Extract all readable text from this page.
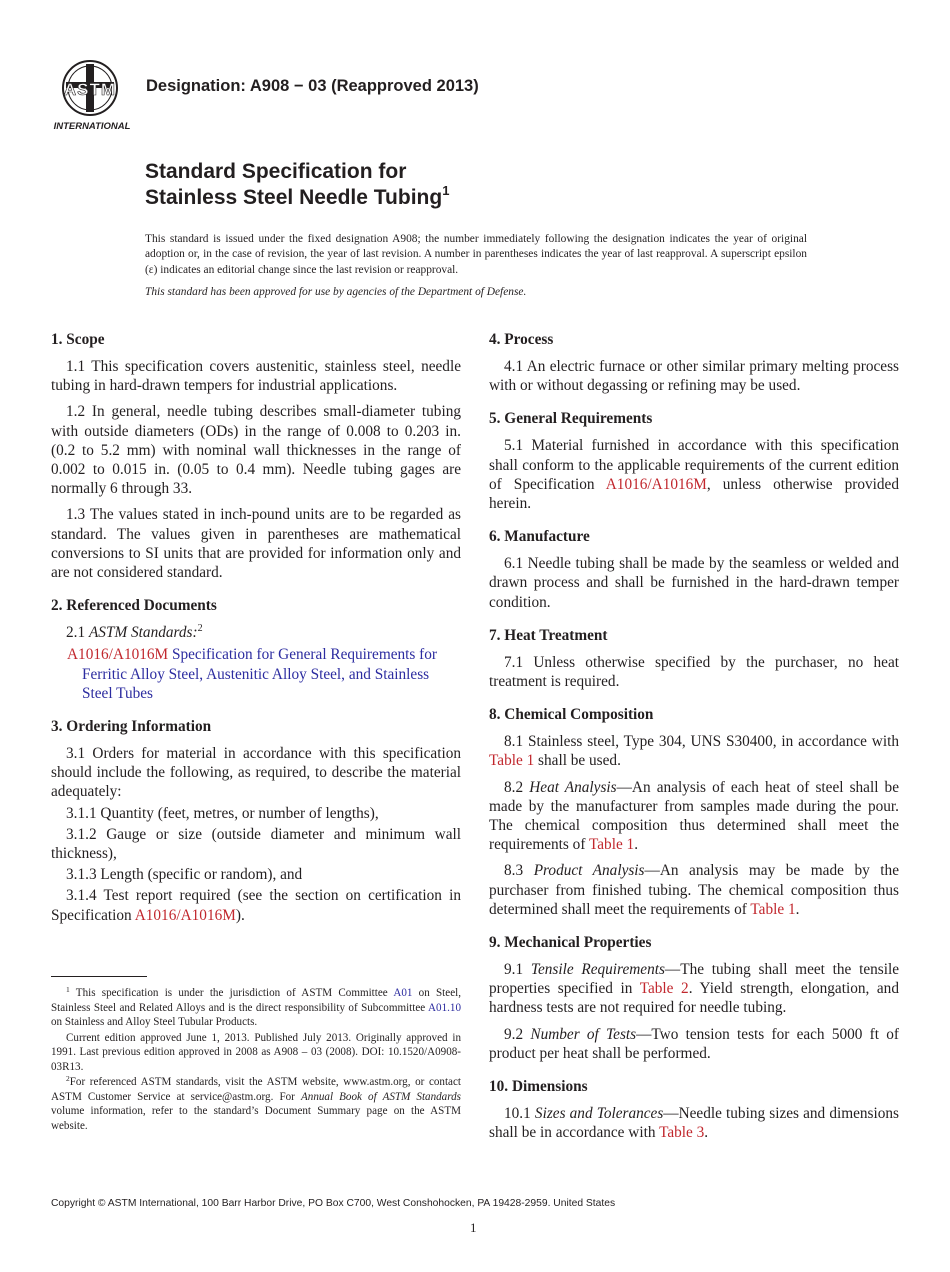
ASTM
INTERNATIONAL
Designation: A908 − 03 (Reapproved 2013)
Standard Specification for
Stainless Steel Needle Tubing$^1$

This standard is issued under the fixed designation A908; the number immediately following the designation indicates the year of original adoption or, in the case of revision, the year of last revision. A number in parentheses indicates the year of last reapproval. A superscript epsilon (ε) indicates an editorial change since the last revision or reapproval.

This standard has been approved for use by agencies of the Department of Defense.
1. Scope

1.1 This specification covers austenitic, stainless steel, needle tubing in hard-drawn tempers for industrial applications.

1.2 In general, needle tubing describes small-diameter tubing with outside diameters (ODs) in the range of 0.008 to 0.203 in. (0.2 to 5.2 mm) with nominal wall thicknesses in the range of 0.002 to 0.015 in. (0.05 to 0.4 mm). Needle tubing gages are normally 6 through 33.

1.3 The values stated in inch-pound units are to be regarded as standard. The values given in parentheses are mathematical conversions to SI units that are provided for information only and are not considered standard.

2. Referenced Documents
2.1 ASTM Standards:$^2$
A1016/A1016M Specification for General Requirements for Ferritic Alloy Steel, Austenitic Alloy Steel, and Stainless Steel Tubes
3. Ordering Information

3.1 Orders for material in accordance with this specification should include the following, as required, to describe the material adequately:

3.1.1 Quantity (feet, metres, or number of lengths),

3.1.2 Gauge or size (outside diameter and minimum wall thickness),

3.1.3 Length (specific or random), and

3.1.4 Test report required (see the section on certification in Specification A1016/A1016M).

$^1$ This specification is under the jurisdiction of ASTM Committee A01 on Steel, Stainless Steel and Related Alloys and is the direct responsibility of Subcommittee A01.10 on Stainless and Alloy Steel Tubular Products.

Current edition approved June 1, 2013. Published July 2013. Originally approved in 1991. Last previous edition approved in 2008 as A908 – 03 (2008). DOI: 10.1520/A0908-03R13.

$^2$For referenced ASTM standards, visit the ASTM website, www.astm.org, or contact ASTM Customer Service at service@astm.org. For Annual Book of ASTM Standards volume information, refer to the standard’s Document Summary page on the ASTM website.

4. Process

4.1 An electric furnace or other similar primary melting process with or without degassing or refining may be used.

5. General Requirements

5.1 Material furnished in accordance with this specification shall conform to the applicable requirements of the current edition of Specification A1016/A1016M, unless otherwise provided herein.

6. Manufacture

6.1 Needle tubing shall be made by the seamless or welded and drawn process and shall be furnished in the hard-drawn temper condition.

7. Heat Treatment

7.1 Unless otherwise specified by the purchaser, no heat treatment is required.

8. Chemical Composition

8.1 Stainless steel, Type 304, UNS S30400, in accordance with Table 1 shall be used.

8.2 Heat Analysis—An analysis of each heat of steel shall be made by the manufacturer from samples made during the pour. The chemical composition thus determined shall meet the requirements of Table 1.

8.3 Product Analysis—An analysis may be made by the purchaser from finished tubing. The chemical composition thus determined shall meet the requirements of Table 1.

9. Mechanical Properties

9.1 Tensile Requirements—The tubing shall meet the tensile properties specified in Table 2. Yield strength, elongation, and hardness tests are not required for needle tubing.

9.2 Number of Tests—Two tension tests for each 5000 ft of product per heat shall be performed.

10. Dimensions

10.1 Sizes and Tolerances—Needle tubing sizes and dimensions shall be in accordance with Table 3.

Copyright © ASTM International, 100 Barr Harbor Drive, PO Box C700, West Conshohocken, PA 19428-2959. United States
1
